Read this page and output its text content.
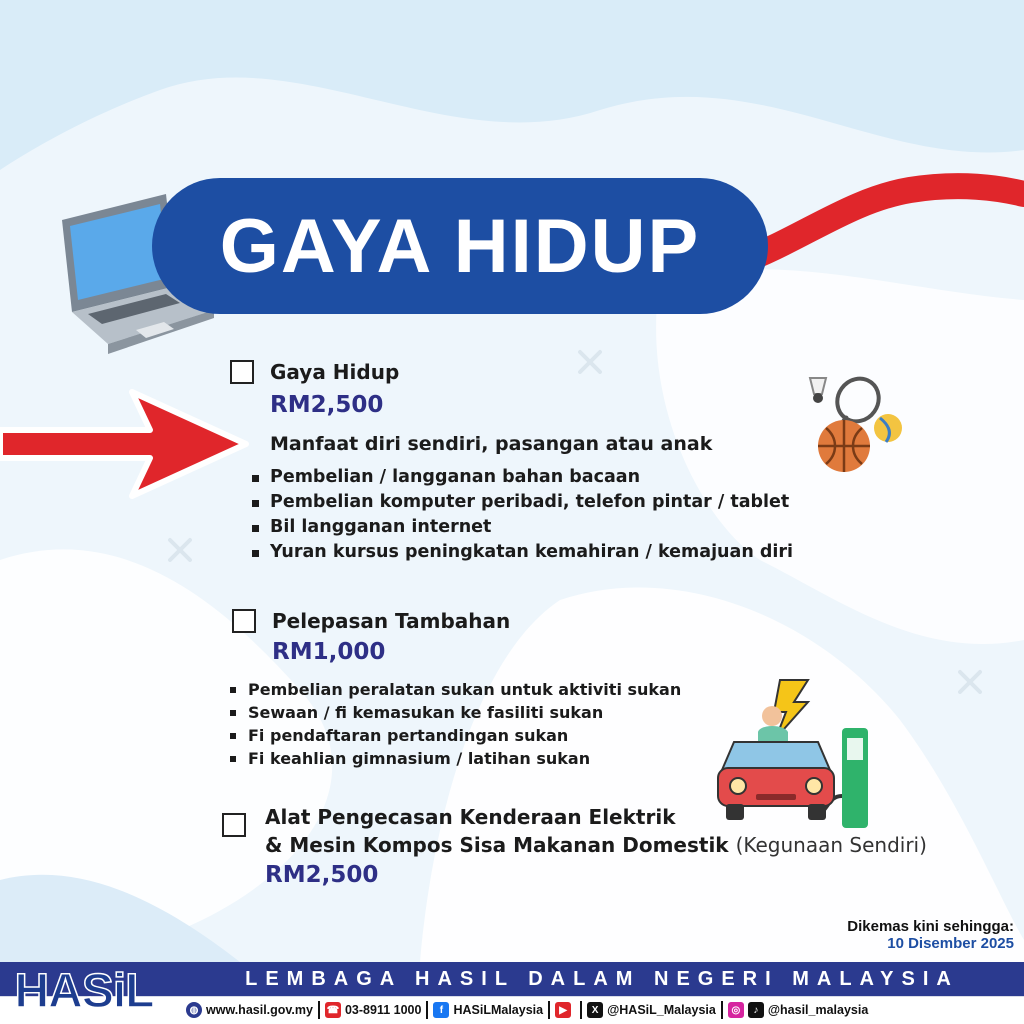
GAYA HIDUP
Gaya Hidup
RM2,500
Manfaat diri sendiri, pasangan atau anak
Pembelian / langganan bahan bacaan
Pembelian komputer peribadi, telefon pintar / tablet
Bil langganan internet
Yuran kursus peningkatan kemahiran / kemajuan diri
Pelepasan Tambahan
RM1,000
Pembelian peralatan sukan untuk aktiviti sukan
Sewaan / fi kemasukan ke fasiliti sukan
Fi pendaftaran pertandingan sukan
Fi keahlian gimnasium / latihan sukan
Alat Pengecasan Kenderaan Elektrik
& Mesin Kompos Sisa Makanan Domestik (Kegunaan Sendiri)
RM2,500
Dikemas kini sehingga:
10 Disember 2025
HASiL	LEMBAGA HASIL DALAM NEGERI MALAYSIA
◍ www.hasil.gov.my ☎ 03-8911 1000	f HASiLMalaysia	▶	X @HASiL_Malaysia	◎	♪ @hasil_malaysia
